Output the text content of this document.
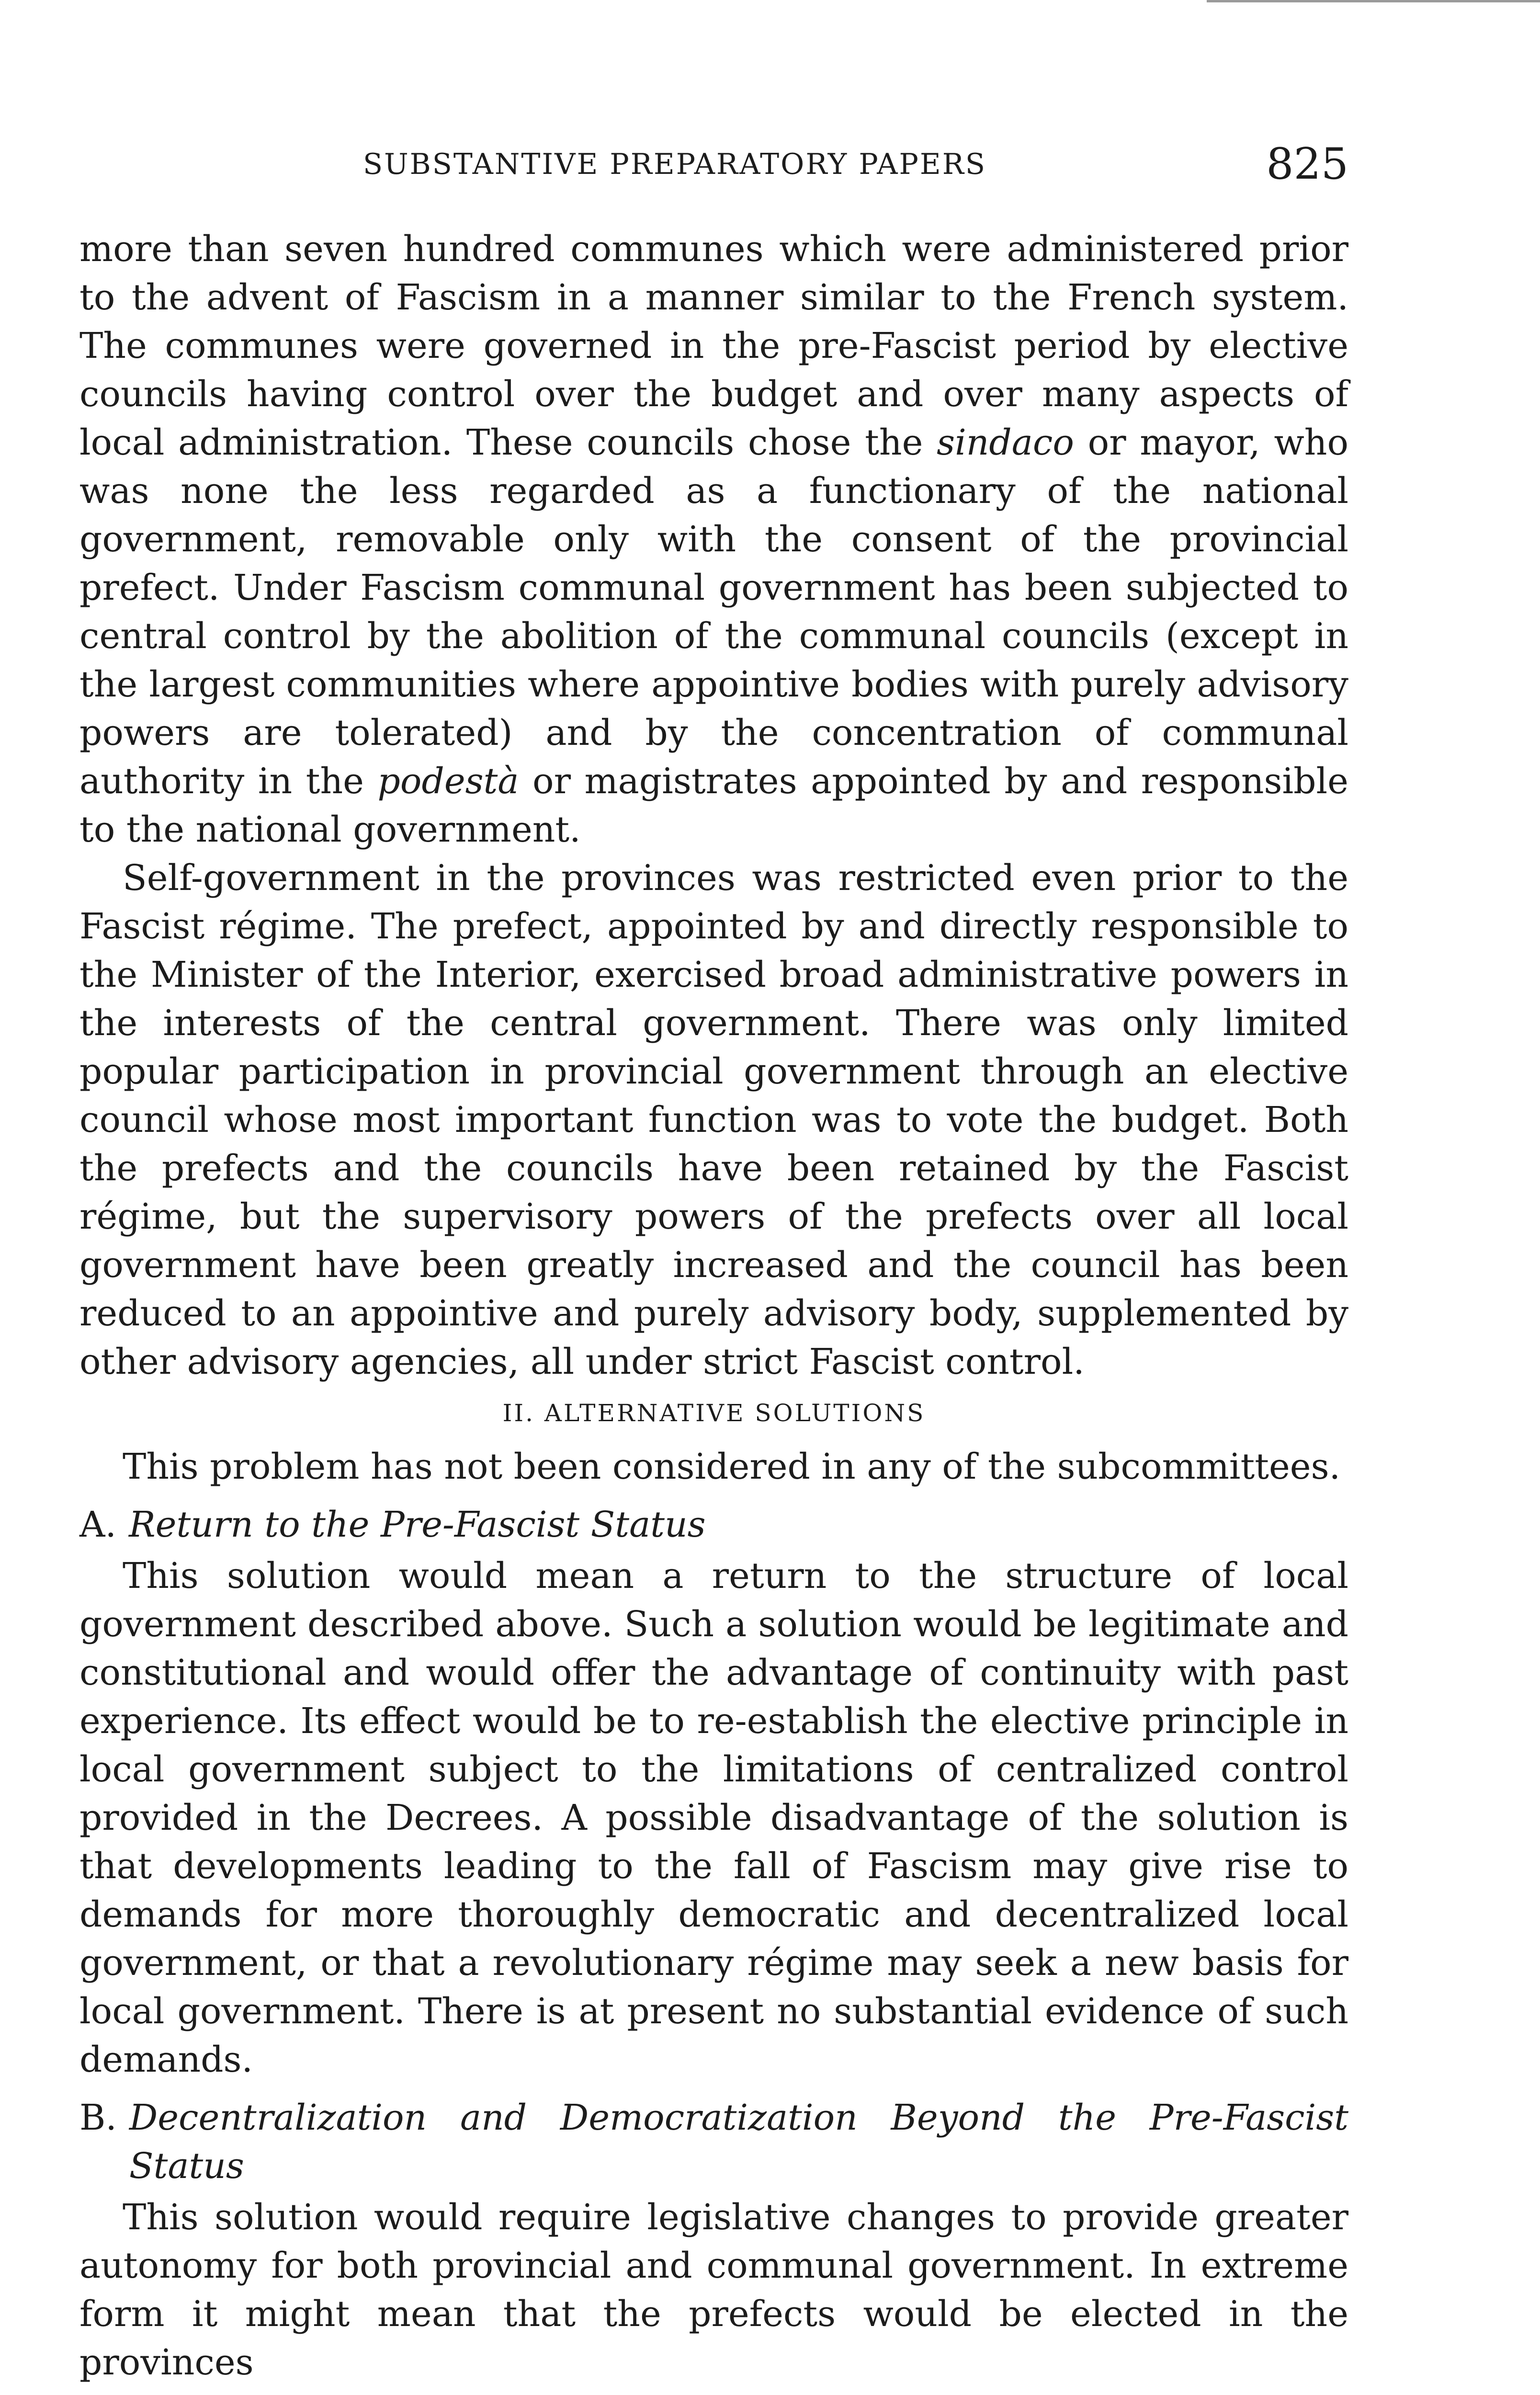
SUBSTANTIVE PREPARATORY PAPERS	825

more than seven hundred communes which were administered prior to the advent of Fascism in a manner similar to the French system. The communes were governed in the pre-Fascist period by elective councils having control over the budget and over many aspects of local administration. These councils chose the sindaco or mayor, who was none the less regarded as a functionary of the national government, removable only with the consent of the provincial prefect. Under Fascism communal government has been subjected to central control by the abolition of the communal councils (except in the largest communities where appointive bodies with purely advisory powers are tolerated) and by the concentration of communal authority in the podestà or magistrates appointed by and responsible to the national government.

Self-government in the provinces was restricted even prior to the Fascist régime. The prefect, appointed by and directly responsible to the Minister of the Interior, exercised broad administrative powers in the interests of the central government. There was only limited popular participation in provincial government through an elective council whose most important function was to vote the budget. Both the prefects and the councils have been retained by the Fascist régime, but the supervisory powers of the prefects over all local government have been greatly increased and the council has been reduced to an appointive and purely advisory body, supplemented by other advisory agencies, all under strict Fascist control.

II. ALTERNATIVE SOLUTIONS

This problem has not been considered in any of the subcommittees.

A. Return to the Pre-Fascist Status

This solution would mean a return to the structure of local government described above. Such a solution would be legitimate and constitutional and would offer the advantage of continuity with past experience. Its effect would be to re-establish the elective principle in local government subject to the limitations of centralized control provided in the Decrees. A possible disadvantage of the solution is that developments leading to the fall of Fascism may give rise to demands for more thoroughly democratic and decentralized local government, or that a revolutionary régime may seek a new basis for local government. There is at present no substantial evidence of such demands.

B. Decentralization and Democratization Beyond the Pre-Fascist Status

This solution would require legislative changes to provide greater autonomy for both provincial and communal government. In extreme form it might mean that the prefects would be elected in the provinces
